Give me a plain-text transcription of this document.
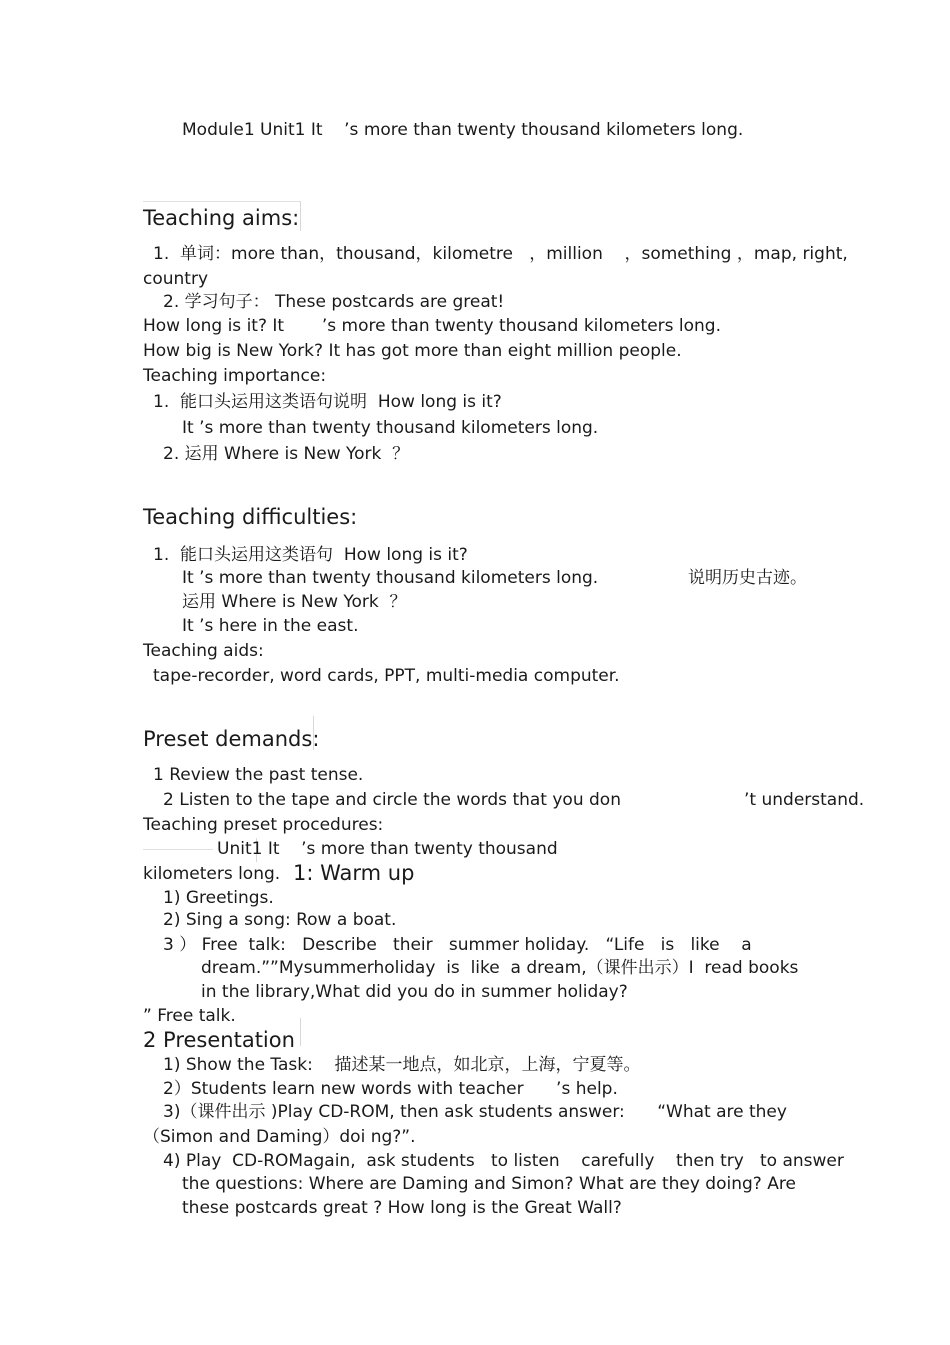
Module1 Unit1 It    ’s more than twenty thousand kilometers long.
Teaching aims:
1.  单词：more than，thousand，kilometre   ，million    ，something ，map, right,
country
2. 学习句子： These postcards are great!
How long is it? It       ’s more than twenty thousand kilometers long.
How big is New York? It has got more than eight million people.
Teaching importance:
1.  能口头运用这类语句说明  How long is it?
It ’s more than twenty thousand kilometers long.
2. 运用 Where is New York  ？
Teaching difficulties:
1.  能口头运用这类语句  How long is it?
It ’s more than twenty thousand kilometers long.	说明历史古迹。
运用 Where is New York  ？
It ’s here in the east.
Teaching aids:
tape-recorder, word cards, PPT, multi-media computer.
Preset demands:
1 Review the past tense.
2 Listen to the tape and circle the words that you don	’t understand.
Teaching preset procedures:
Unit1 It    ’s more than twenty thousand
kilometers long. 1: Warm up
1) Greetings.
2) Sing a song: Row a boat.
3 ） Free  talk:   Describe   their   summer holiday.   “Life   is   like    a
dream.””Mysummerholiday  is  like  a dream,（课件出示）I  read books
in the library,What did you do in summer holiday?
” Free talk.
2 Presentation
1) Show the Task:    描述某一地点，如北京，上海，宁夏等。
2）Students learn new words with teacher      ’s help.
3)（课件出示 )Play CD-ROM, then ask students answer:      “What are they
（Simon and Daming）doi ng?”.
4) Play  CD-ROMagain,  ask students   to listen    carefully    then try   to answer
the questions: Where are Daming and Simon? What are they doing? Are
these postcards great ? How long is the Great Wall?
